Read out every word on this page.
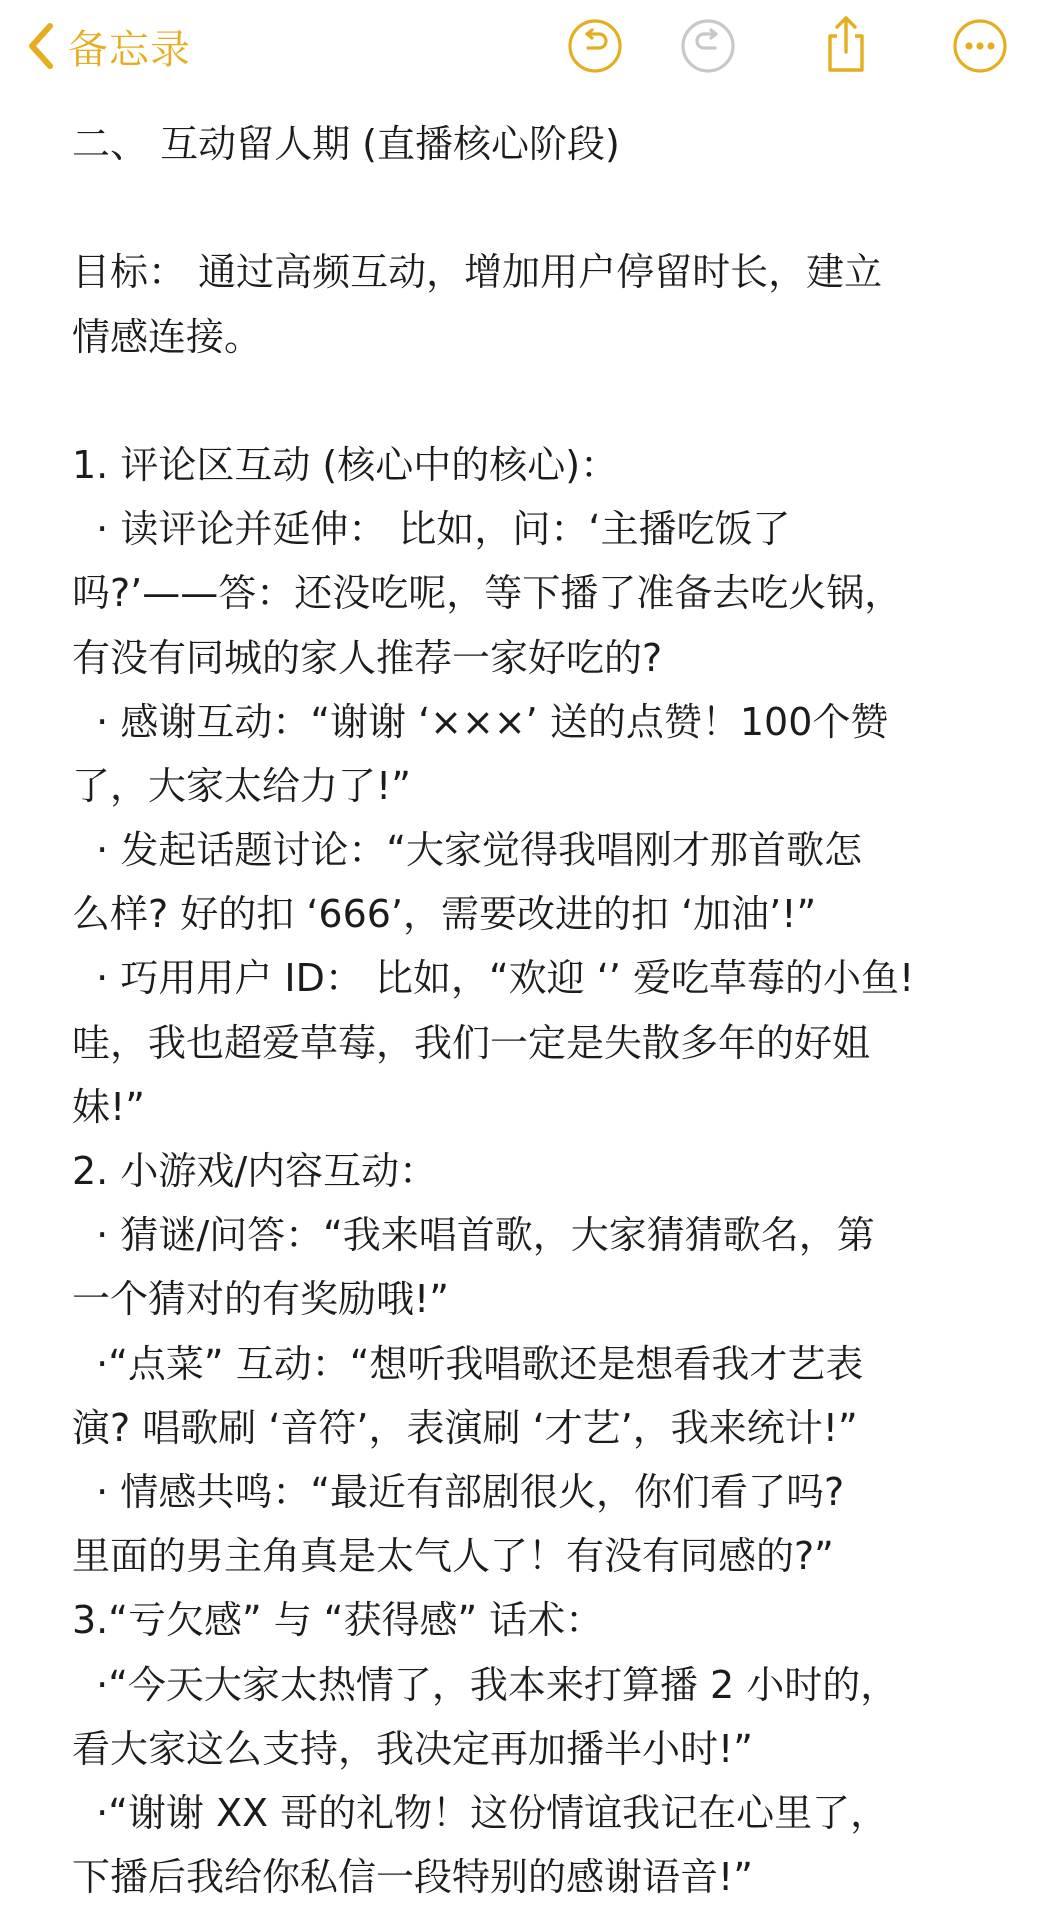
备忘录
二、 互动留人期 (直播核心阶段)
目标： 通过高频互动，增加用户停留时长，建立
情感连接。
1. 评论区互动 (核心中的核心)：
· 读评论并延伸： 比如，问：‘主播吃饭了
吗?’——答：还没吃呢，等下播了准备去吃火锅，
有没有同城的家人推荐一家好吃的?
· 感谢互动：“谢谢 ‘×××’ 送的点赞！100个赞
了，大家太给力了!”
· 发起话题讨论：“大家觉得我唱刚才那首歌怎
么样? 好的扣 ‘666’，需要改进的扣 ‘加油’!”
· 巧用用户 ID： 比如，“欢迎 ‘’ 爱吃草莓的小鱼!
哇，我也超爱草莓，我们一定是失散多年的好姐
妹!”
2. 小游戏/内容互动：
· 猜谜/问答：“我来唱首歌，大家猜猜歌名，第
一个猜对的有奖励哦!”
·“点菜” 互动：“想听我唱歌还是想看我才艺表
演? 唱歌刷 ‘音符’，表演刷 ‘才艺’，我来统计!”
· 情感共鸣：“最近有部剧很火，你们看了吗?
里面的男主角真是太气人了！有没有同感的?”
3.“亏欠感” 与 “获得感” 话术：
·“今天大家太热情了，我本来打算播 2 小时的，
看大家这么支持，我决定再加播半小时!”
·“谢谢 XX 哥的礼物！这份情谊我记在心里了，
下播后我给你私信一段特别的感谢语音!”
